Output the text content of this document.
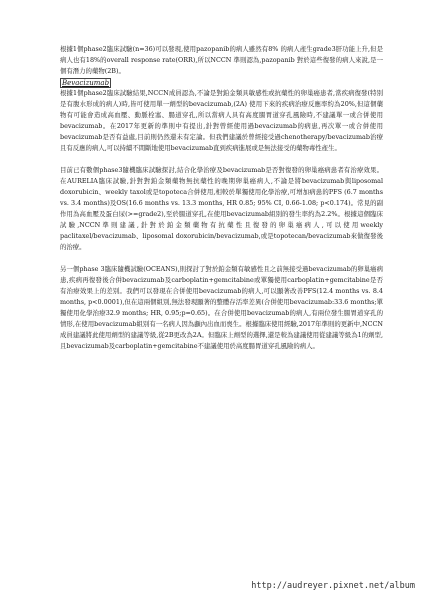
根據1個phase2臨床試驗(n=36)可以發現,使用pazopanib的病人雖然有8% 的病人產生grade3肝功能上升,但是病人也有18%的overall response rate(ORR),所以NCCN 準則認為,pazopanib 對於這些復發的病人來說,是一個有潛力的藥物(2B)。

Bevacizumab

根據1個phase2臨床試驗結果,NCCN成員認為,不論是對鉑金類具敏感性或抗藥性的卵巢癌患者,當疾病復發(特別是有腹水形成的病人)時,皆可使用單一劑型的bevacizumab,(2A) 使用下來的疾病治療反應率約為20%,但這個藥物有可能會造成高血壓、動脈栓塞、腸道穿孔,所以當病人具有高度腸胃道穿孔風險時,不建議單一或合併使用bevacizumab。在2017年更新的準則中有提出,針對曾經使用過bevacizumab的病患,再次單一或合併使用bevacizumab是否有益處,目前則仍然還未有定論。但我們建議於曾經接受過chenotherapy/bevacizumab治療且有反應的病人,可以持續不間斷地使用bevacizumab直到疾病進展或是無法接受的藥物毒性產生。

目前已有數個phase3隨機臨床試驗探討,結合化學治療及bevacizumab是否對復發的卵巢癌病患者有治療效果。在AURELIA臨床試驗,針對對鉑金類藥物無抗藥性的晚期卵巢癌病人,不論是將bevacizumab與liposomal doxorubicin、weekly taxol或是topoteca合併使用,相較於單獨使用化學治療,可增加病患的PFS (6.7 months vs. 3.4 months)及OS(16.6 months vs. 13.3 months, HR 0.85; 95% CI, 0.66-1.08; p<0.174)。常見的副作用為高血壓及蛋白尿(>=grade2),至於腸道穿孔,在使用bevacizumab組別的發生率約為2.2%。根據這個臨床試驗,NCCN準則建議,針對於鉑金類藥物有抗藥性且復發的卵巢癌病人,可以使用weekly paclitaxel/bevacizumab、liposomal doxorubicin/bevacizumab,或是topotecan/bevacizumab來做復發後的治療。

另一個phase 3臨床隨機試驗(OCEANS),則探討了對於鉑金類有敏感性且之前無接受過bevacizumab的卵巢癌病患,疾病再復發後合併bevacizumab及carboplatin+gemcitabine或單獨使用carboplatin+gemcitabine是否有治療效果上的差別。我們可以發現在合併使用bevacizumab的病人,可以顯著改善PFS(12.4 months vs. 8.4 months, p<0.0001),但在這兩個組別,無法發現顯著的整體存活率差異(合併使用bevacizumab:33.6 months;單獨使用化學治療32.9 months; HR, 0.95;p=0.65)。在合併使用bevacizumab的病人,有兩位發生腸胃道穿孔的情形,在使用bevacizumab組別有一名病人因為顱內出血而喪生。根據臨床使用經驗,2017年準則的更新中,NCCN成員建議將此使用劑型的建議等級,從2B更改為2A。但臨床上劑型的選擇,還是較為建議使用從建議等級為1的劑型,且bevacizumab及carboplatin+gemcitabine不建議使用於高度腸胃道穿孔風險的病人。

http://audreyer.pixnet.net/album
